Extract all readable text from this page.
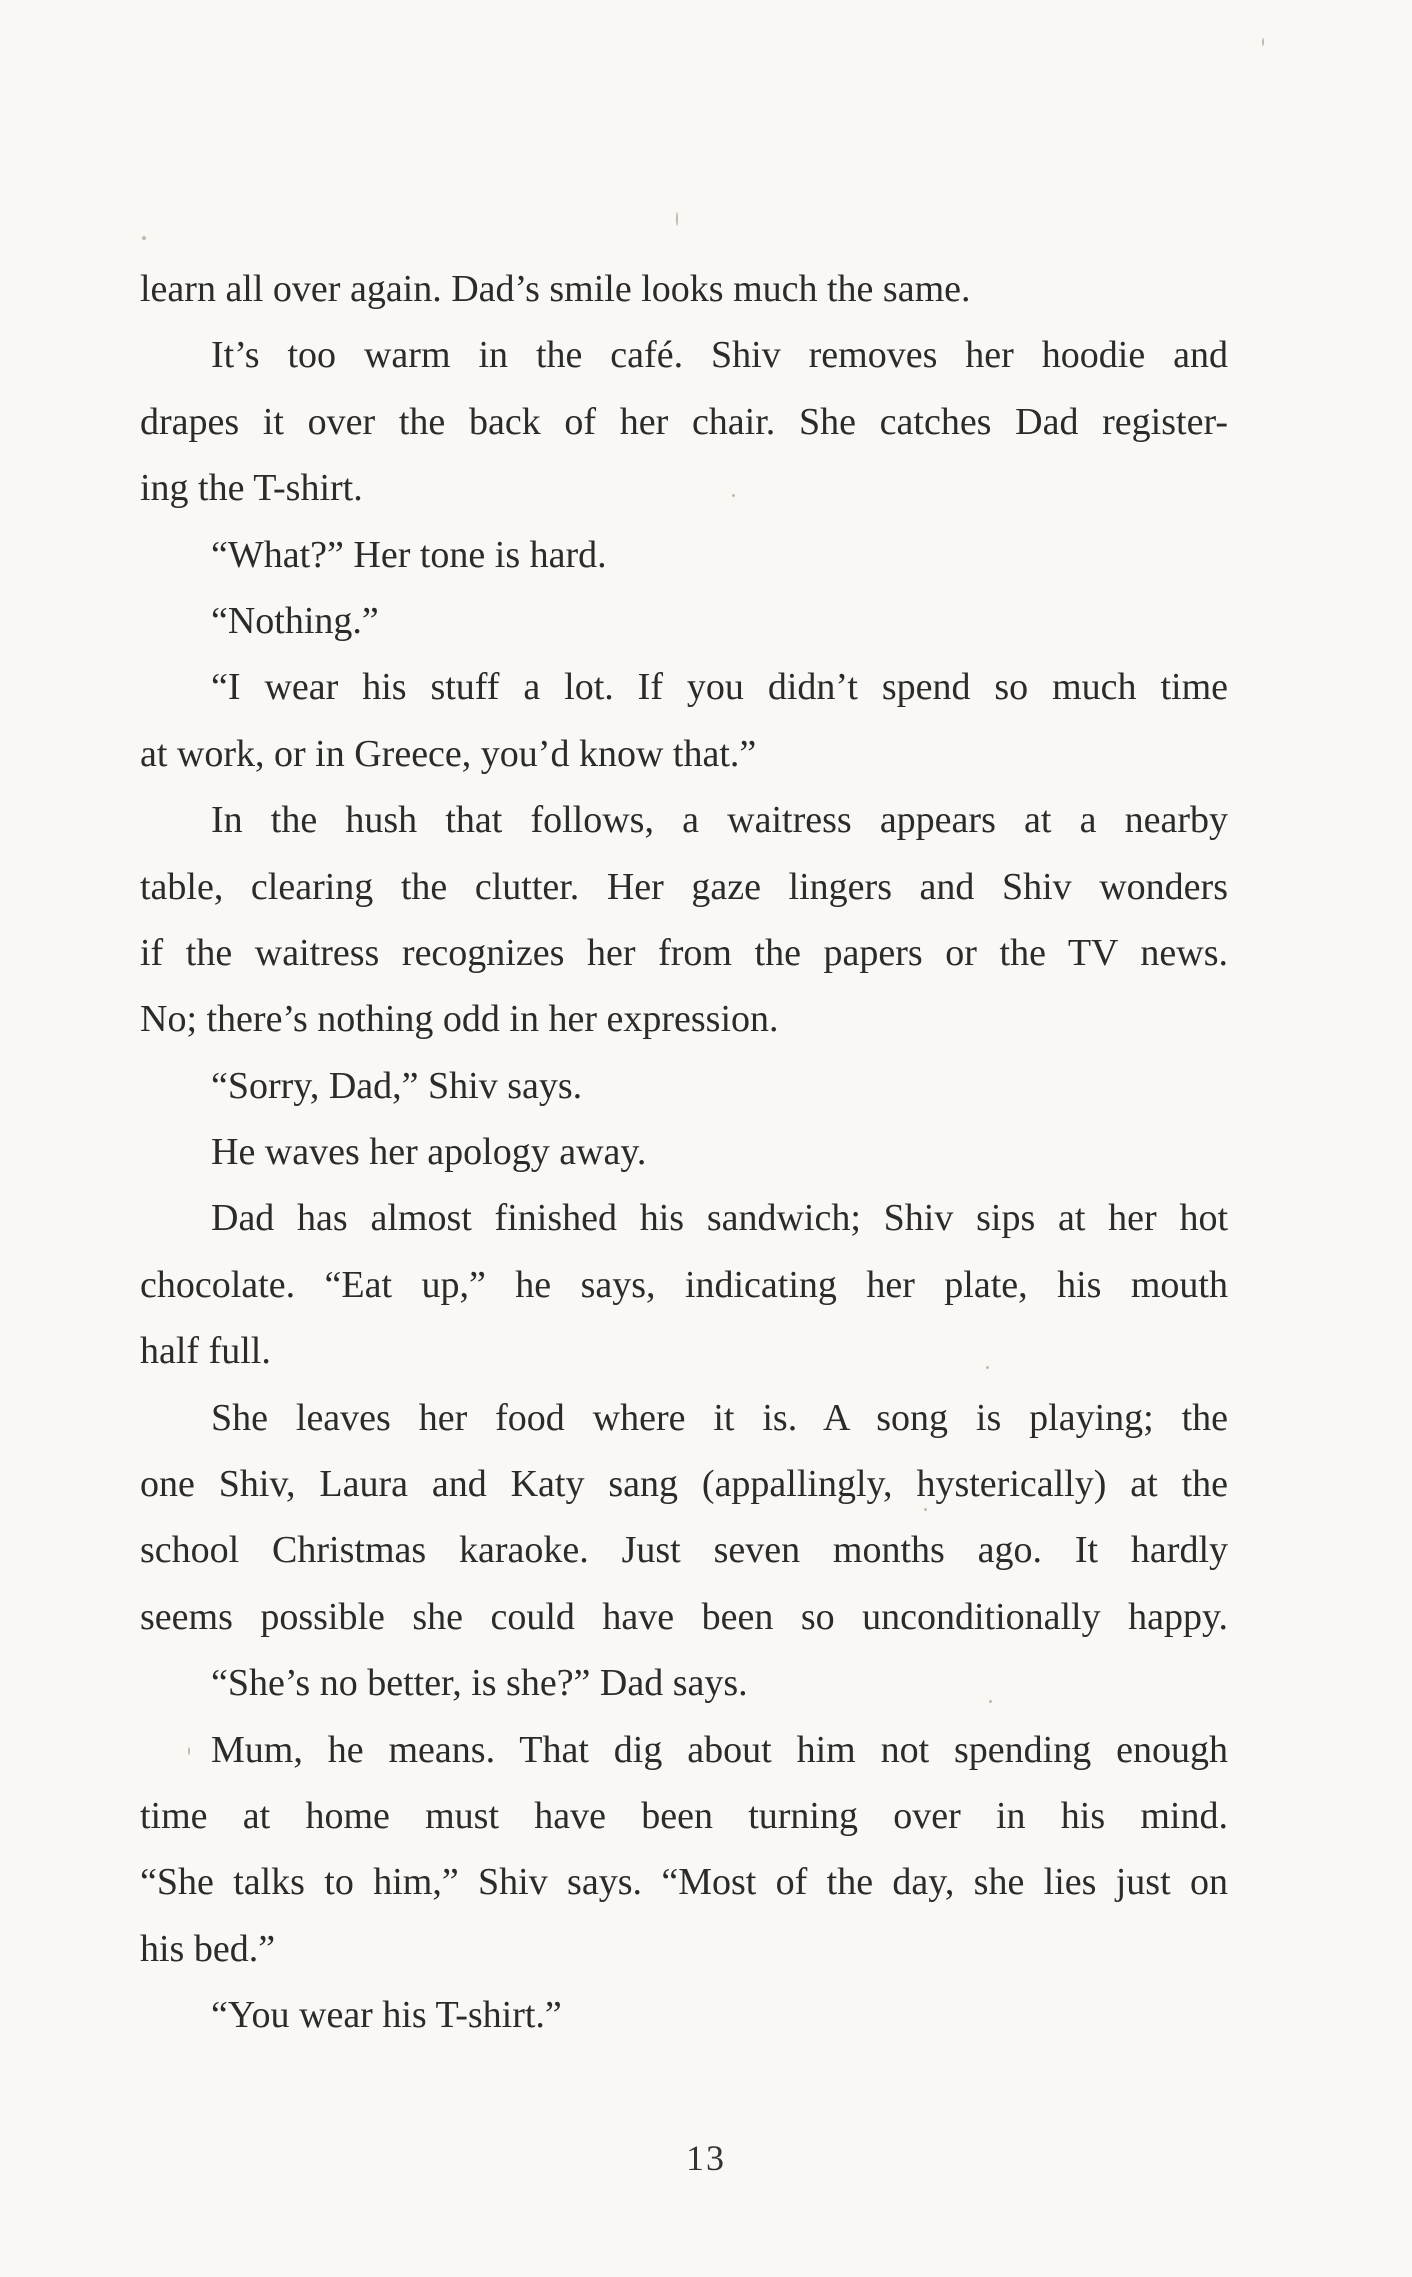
learn all over again. Dad’s smile looks much the same.
It’s too warm in the café. Shiv removes her hoodie and
drapes it over the back of her chair. She catches Dad register-
ing the T-shirt.
“What?” Her tone is hard.
“Nothing.”
“I wear his stuff a lot. If you didn’t spend so much time
at work, or in Greece, you’d know that.”
In the hush that follows, a waitress appears at a nearby
table, clearing the clutter. Her gaze lingers and Shiv wonders
if the waitress recognizes her from the papers or the TV news.
No; there’s nothing odd in her expression.
“Sorry, Dad,” Shiv says.
He waves her apology away.
Dad has almost finished his sandwich; Shiv sips at her hot
chocolate. “Eat up,” he says, indicating her plate, his mouth
half full.
She leaves her food where it is. A song is playing; the
one Shiv, Laura and Katy sang (appallingly, hysterically) at the
school Christmas karaoke. Just seven months ago. It hardly
seems possible she could have been so unconditionally happy.
“She’s no better, is she?” Dad says.
Mum, he means. That dig about him not spending enough
time at home must have been turning over in his mind.
“She talks to him,” Shiv says. “Most of the day, she lies just on
his bed.”
“You wear his T-shirt.”
13
